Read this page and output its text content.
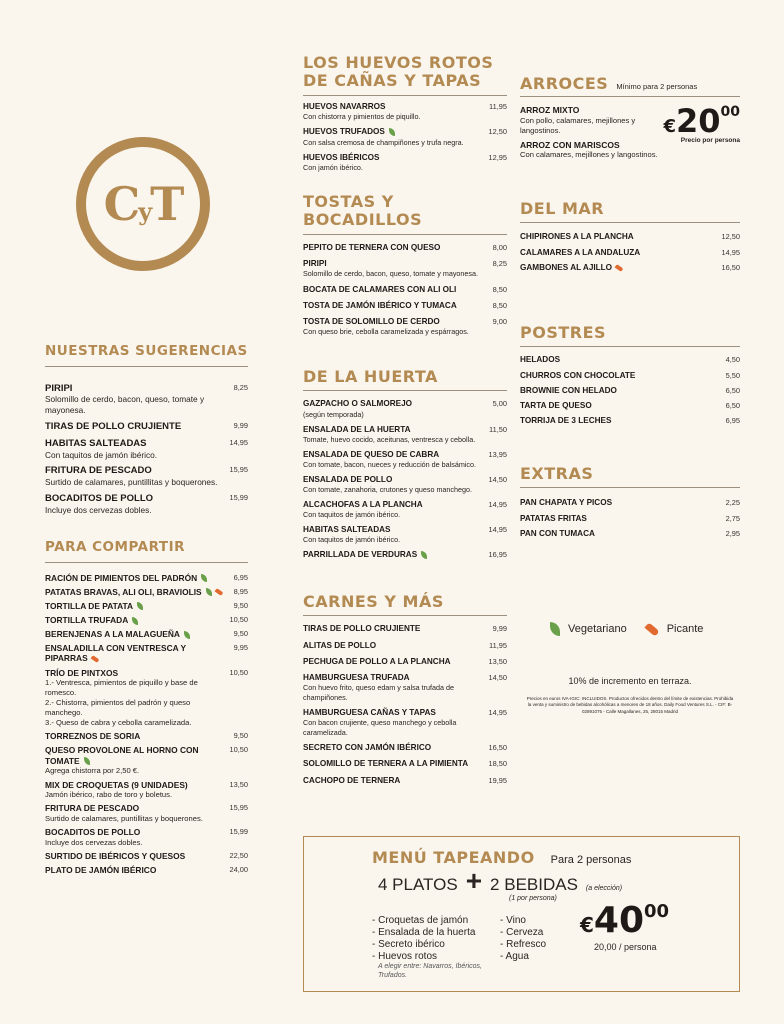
CyT
NUESTRAS SUGERENCIAS
PIRIPI
Solomillo de cerdo, bacon, queso, tomate y mayonesa.
8,25
TIRAS DE POLLO CRUJIENTE	9,99
HABITAS SALTEADAS
Con taquitos de jamón ibérico.
14,95
FRITURA DE PESCADO
Surtido de calamares, puntillitas y boquerones.
15,95
BOCADITOS DE POLLO
Incluye dos cervezas dobles.
15,99
PARA COMPARTIR
RACIÓN DE PIMIENTOS DEL PADRÓN	6,95
PATATAS BRAVAS, ALI OLI, BRAVIOLIS	8,95
TORTILLA DE PATATA	9,50
TORTILLA TRUFADA	10,50
BERENJENAS A LA MALAGUEÑA	9,50
ENSALADILLA CON VENTRESCA Y PIPARRAS
9,95
TRÍO DE PINTXOS
1.- Ventresca, pimientos de piquillo y base de romesco.
2.- Chistorra, pimientos del padrón y queso manchego.
3.- Queso de cabra y cebolla caramelizada.
10,50
TORREZNOS DE SORIA	9,50
QUESO PROVOLONE AL HORNO CON TOMATE
Agrega chistorra por 2,50 €.
10,50
MIX DE CROQUETAS (9 UNIDADES)
Jamón ibérico, rabo de toro y boletus.
13,50
FRITURA DE PESCADO
Surtido de calamares, puntillitas y boquerones.
15,95
BOCADITOS DE POLLO
Incluye dos cervezas dobles.
15,99
SURTIDO DE IBÉRICOS Y QUESOS	22,50
PLATO DE JAMÓN IBÉRICO	24,00
LOS HUEVOS ROTOS
DE CAÑAS Y TAPAS
HUEVOS NAVARROS
Con chistorra y pimientos de piquillo.
11,95
HUEVOS TRUFADOS
Con salsa cremosa de champiñones y trufa negra.
12,50
HUEVOS IBÉRICOS
Con jamón ibérico.
12,95
TOSTAS Y
BOCADILLOS
PEPITO DE TERNERA CON QUESO	8,00
PIRIPI
Solomillo de cerdo, bacon, queso, tomate y mayonesa.
8,25
BOCATA DE CALAMARES CON ALI OLI	8,50
TOSTA DE JAMÓN IBÉRICO Y TUMACA	8,50
TOSTA DE SOLOMILLO DE CERDO
Con queso brie, cebolla caramelizada y espárragos.
9,00
DE LA HUERTA
GAZPACHO O SALMOREJO
(según temporada)
5,00
ENSALADA DE LA HUERTA
Tomate, huevo cocido, aceitunas, ventresca y cebolla.
11,50
ENSALADA DE QUESO DE CABRA
Con tomate, bacon, nueces y reducción de balsámico.
13,95
ENSALADA DE POLLO
Con tomate, zanahoria, crutones y queso manchego.
14,50
ALCACHOFAS A LA PLANCHA
Con taquitos de jamón ibérico.
14,95
HABITAS SALTEADAS
Con taquitos de jamón ibérico.
14,95
PARRILLADA DE VERDURAS	16,95
CARNES Y MÁS
TIRAS DE POLLO CRUJIENTE	9,99
ALITAS DE POLLO	11,95
PECHUGA DE POLLO A LA PLANCHA	13,50
HAMBURGUESA TRUFADA
Con huevo frito, queso edam y salsa trufada de champiñones.
14,50
HAMBURGUESA CAÑAS Y TAPAS
Con bacon crujiente, queso manchego y cebolla caramelizada.
14,95
SECRETO CON JAMÓN IBÉRICO	16,50
SOLOMILLO DE TERNERA A LA PIMIENTA	18,50
CACHOPO DE TERNERA	19,95
ARROCES Mínimo para 2 personas
ARROZ MIXTO
Con pollo, calamares, mejillones y langostinos.
ARROZ CON MARISCOS
Con calamares, mejillones y langostinos.
€2000
Precio por persona
DEL MAR
CHIPIRONES A LA PLANCHA	12,50
CALAMARES A LA ANDALUZA	14,95
GAMBONES AL AJILLO	16,50
POSTRES
HELADOS	4,50
CHURROS CON CHOCOLATE	5,50
BROWNIE CON HELADO	6,50
TARTA DE QUESO	6,50
TORRIJA DE 3 LECHES	6,95
EXTRAS
PAN CHAPATA Y PICOS	2,25
PATATAS FRITAS	2,75
PAN CON TUMACA	2,95
Vegetariano	Picante
10% de incremento en terraza.
Precios en euros IVA-IGIC: INCLUIDOS. Productos ofrecidos dentro del límite de existencias. Prohibida la venta y suministro de bebidas alcohólicas a menores de 18 años. Daily Food Ventures S.L. - CIF: B-02891075 - Calle Magallanes, 25, 28015 Madrid
MENÚ TAPEANDO Para 2 personas
4 PLATOS + 2 BEBIDAS (a elección)
(1 por persona)
- Croquetas de jamón
- Ensalada de la huerta
- Secreto ibérico
- Huevos rotos
A elegir entre: Navarros, Ibéricos, Trufados.
- Vino
- Cerveza
- Refresco
- Agua
€4000
20,00 / persona
